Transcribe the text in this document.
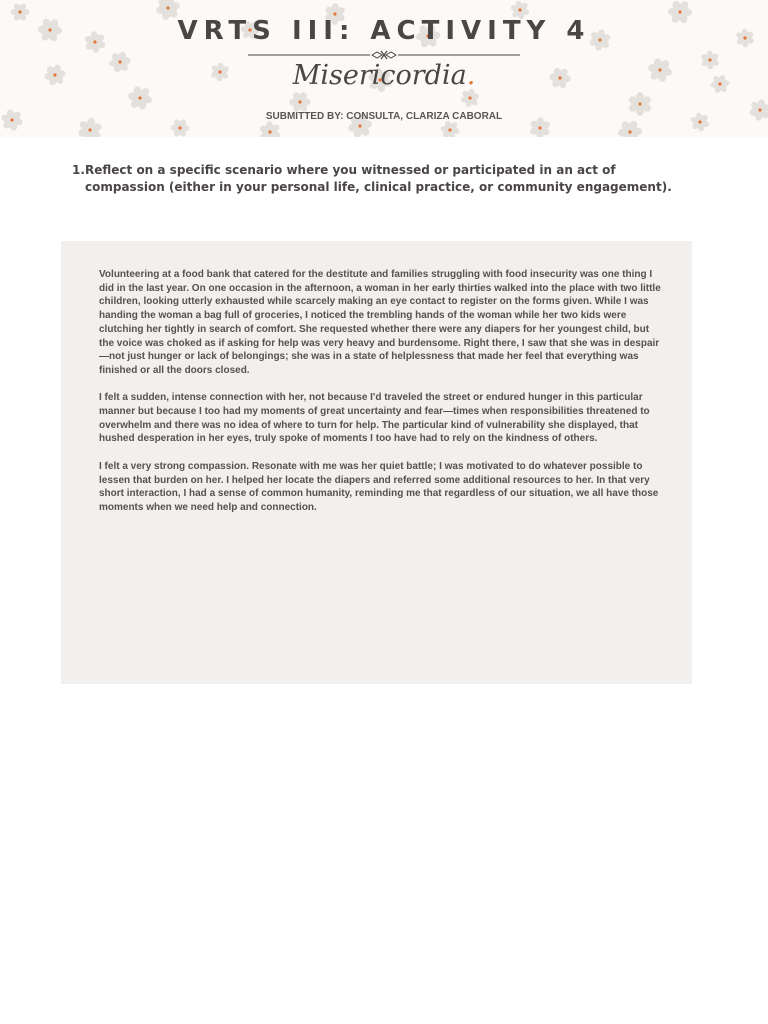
VRTS III: ACTIVITY 4
Misericordia.
SUBMITTED BY: CONSULTA, CLARIZA CABORAL
1. Reflect on a specific scenario where you witnessed or participated in an act of compassion (either in your personal life, clinical practice, or community engagement).

Volunteering at a food bank that catered for the destitute and families struggling with food insecurity was one thing I did in the last year. On one occasion in the afternoon, a woman in her early thirties walked into the place with two little children, looking utterly exhausted while scarcely making an eye contact to register on the forms given. While I was handing the woman a bag full of groceries, I noticed the trembling hands of the woman while her two kids were clutching her tightly in search of comfort. She requested whether there were any diapers for her youngest child, but the voice was choked as if asking for help was very heavy and burdensome. Right there, I saw that she was in despair—not just hunger or lack of belongings; she was in a state of helplessness that made her feel that everything was finished or all the doors closed.

I felt a sudden, intense connection with her, not because I'd traveled the street or endured hunger in this particular manner but because I too had my moments of great uncertainty and fear—times when responsibilities threatened to overwhelm and there was no idea of where to turn for help. The particular kind of vulnerability she displayed, that hushed desperation in her eyes, truly spoke of moments I too have had to rely on the kindness of others.

I felt a very strong compassion. Resonate with me was her quiet battle; I was motivated to do whatever possible to lessen that burden on her. I helped her locate the diapers and referred some additional resources to her. In that very short interaction, I had a sense of common humanity, reminding me that regardless of our situation, we all have those moments when we need help and connection.
